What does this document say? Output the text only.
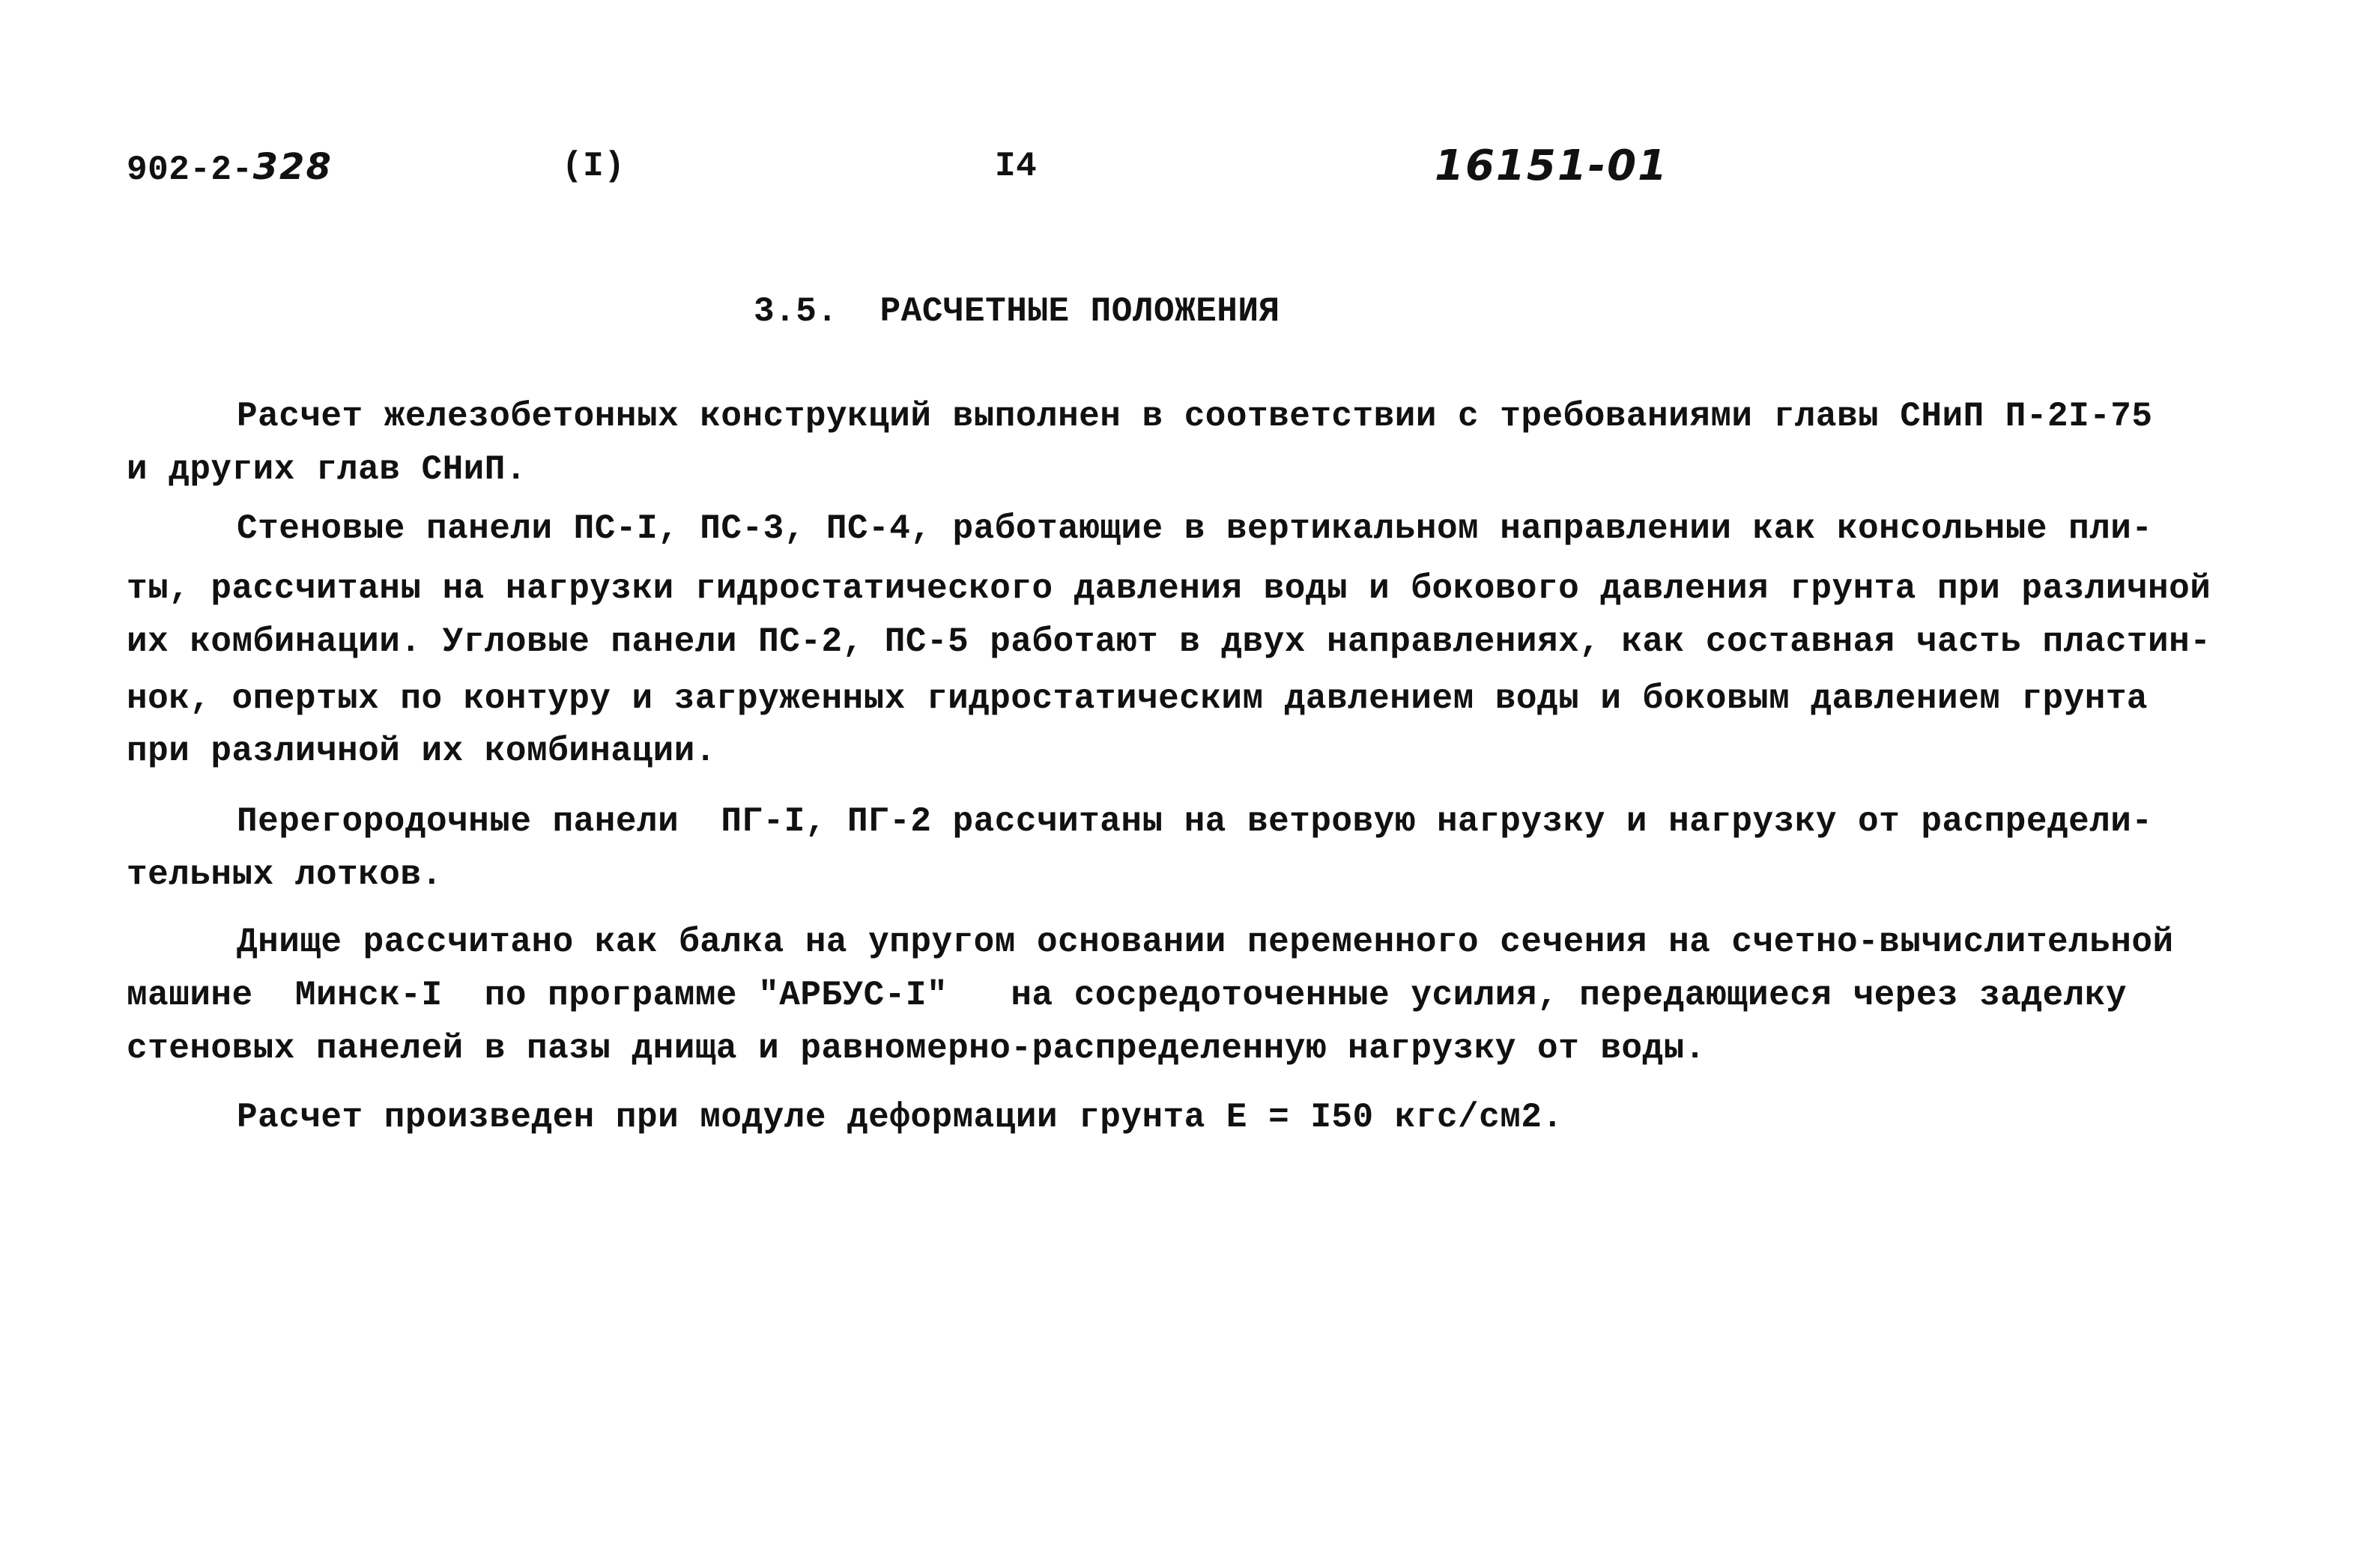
902-2-328	(I)	I4	16151-01
3.5.  РАСЧЕТНЫЕ ПОЛОЖЕНИЯ
Расчет железобетонных конструкций выполнен в соответствии с требованиями главы СНиП П-2I-75
и других глав СНиП.
Стеновые панели ПС-I, ПС-3, ПС-4, работающие в вертикальном направлении как консольные пли-
ты, рассчитаны на нагрузки гидростатического давления воды и бокового давления грунта при различной
их комбинации. Угловые панели ПС-2, ПС-5 работают в двух направлениях, как составная часть пластин-
нок, опертых по контуру и загруженных гидростатическим давлением воды и боковым давлением грунта
при различной их комбинации.
Перегородочные панели  ПГ-I, ПГ-2 рассчитаны на ветровую нагрузку и нагрузку от распредели-
тельных лотков.
Днище рассчитано как балка на упругом основании переменного сечения на счетно-вычислительной
машине  Минск-I  по программе "АРБУС-I"   на сосредоточенные усилия, передающиеся через заделку
стеновых панелей в пазы днища и равномерно-распределенную нагрузку от воды.
Расчет произведен при модуле деформации грунта Е = I50 кгс/см2.
